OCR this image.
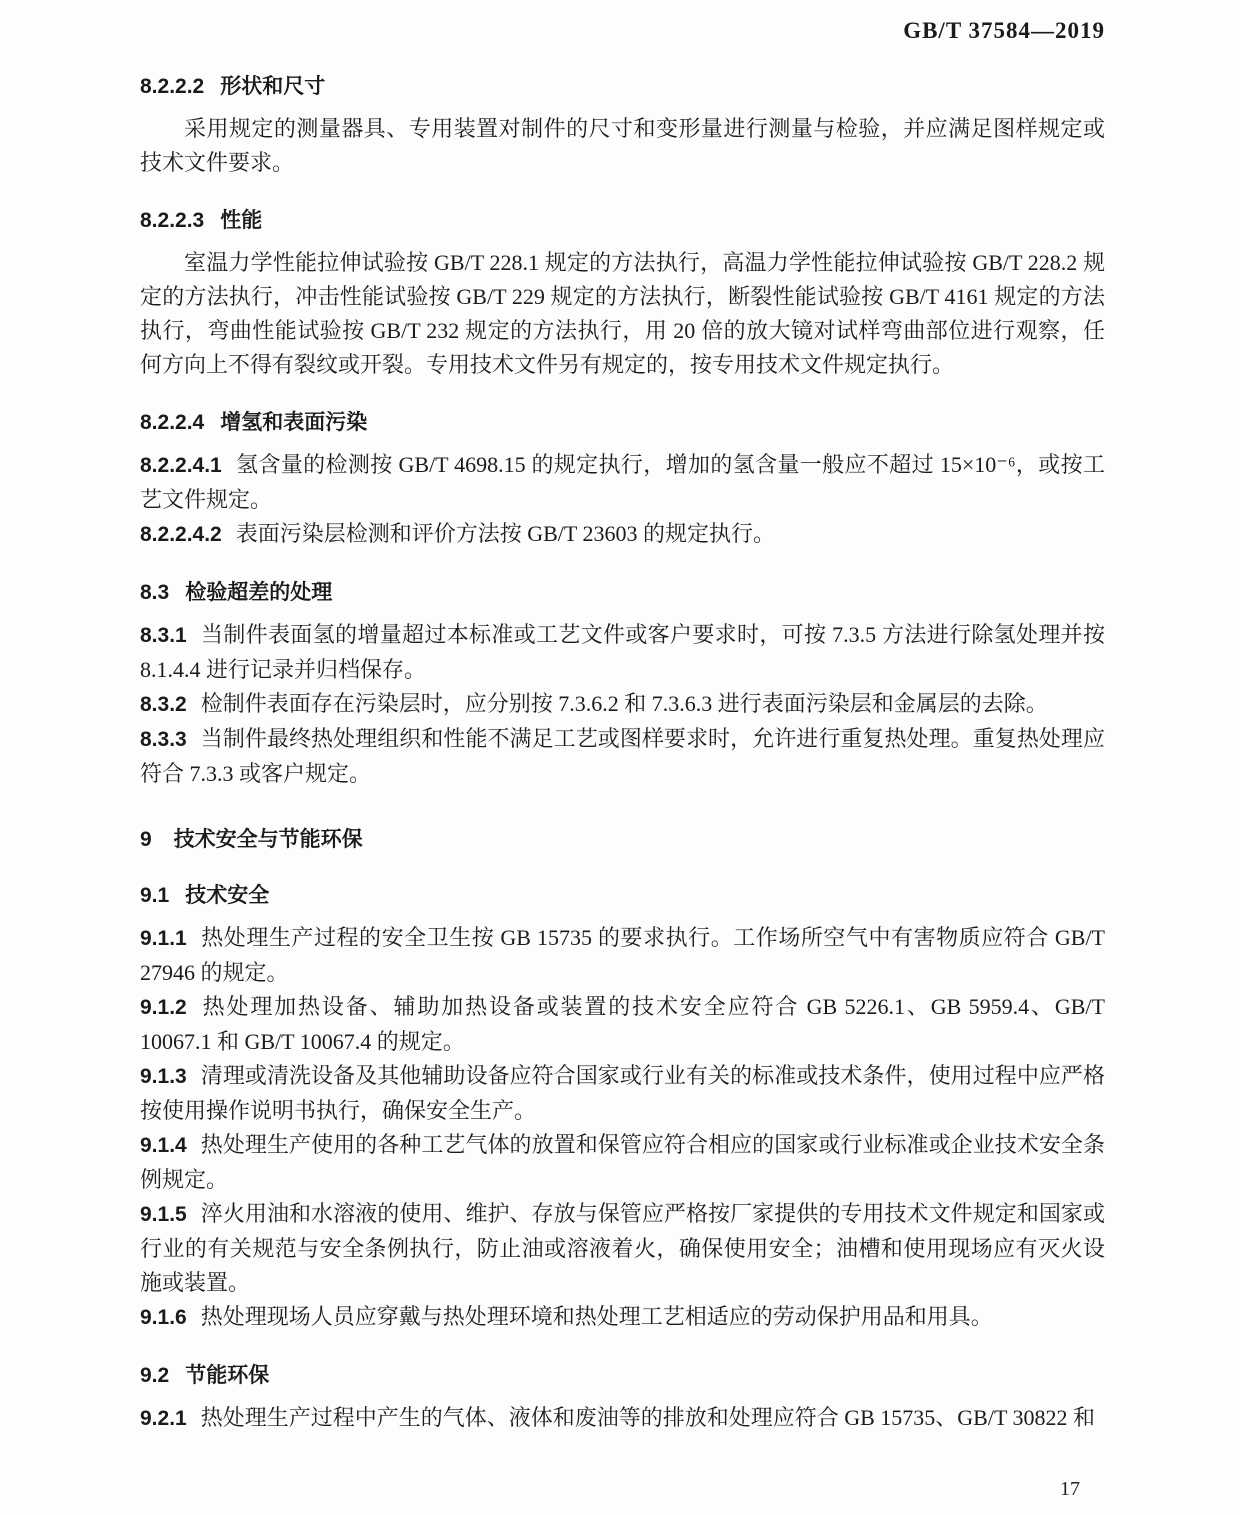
GB/T 37584—2019
8.2.2.2 形状和尺寸

采用规定的测量器具、专用装置对制件的尺寸和变形量进行测量与检验，并应满足图样规定或技术文件要求。

8.2.2.3 性能

室温力学性能拉伸试验按 GB/T 228.1 规定的方法执行，高温力学性能拉伸试验按 GB/T 228.2 规定的方法执行，冲击性能试验按 GB/T 229 规定的方法执行，断裂性能试验按 GB/T 4161 规定的方法执行，弯曲性能试验按 GB/T 232 规定的方法执行，用 20 倍的放大镜对试样弯曲部位进行观察，任何方向上不得有裂纹或开裂。专用技术文件另有规定的，按专用技术文件规定执行。

8.2.2.4 增氢和表面污染

8.2.2.4.1 氢含量的检测按 GB/T 4698.15 的规定执行，增加的氢含量一般应不超过 15×10⁻⁶，或按工艺文件规定。

8.2.2.4.2 表面污染层检测和评价方法按 GB/T 23603 的规定执行。

8.3 检验超差的处理

8.3.1 当制件表面氢的增量超过本标准或工艺文件或客户要求时，可按 7.3.5 方法进行除氢处理并按 8.1.4.4 进行记录并归档保存。

8.3.2 检制件表面存在污染层时，应分别按 7.3.6.2 和 7.3.6.3 进行表面污染层和金属层的去除。

8.3.3 当制件最终热处理组织和性能不满足工艺或图样要求时，允许进行重复热处理。重复热处理应符合 7.3.3 或客户规定。

9 技术安全与节能环保
9.1 技术安全

9.1.1 热处理生产过程的安全卫生按 GB 15735 的要求执行。工作场所空气中有害物质应符合 GB/T 27946 的规定。

9.1.2 热处理加热设备、辅助加热设备或装置的技术安全应符合 GB 5226.1、GB 5959.4、GB/T 10067.1 和 GB/T 10067.4 的规定。

9.1.3 清理或清洗设备及其他辅助设备应符合国家或行业有关的标准或技术条件，使用过程中应严格按使用操作说明书执行，确保安全生产。

9.1.4 热处理生产使用的各种工艺气体的放置和保管应符合相应的国家或行业标准或企业技术安全条例规定。

9.1.5 淬火用油和水溶液的使用、维护、存放与保管应严格按厂家提供的专用技术文件规定和国家或行业的有关规范与安全条例执行，防止油或溶液着火，确保使用安全；油槽和使用现场应有灭火设施或装置。

9.1.6 热处理现场人员应穿戴与热处理环境和热处理工艺相适应的劳动保护用品和用具。

9.2 节能环保

9.2.1 热处理生产过程中产生的气体、液体和废油等的排放和处理应符合 GB 15735、GB/T 30822 和

17
